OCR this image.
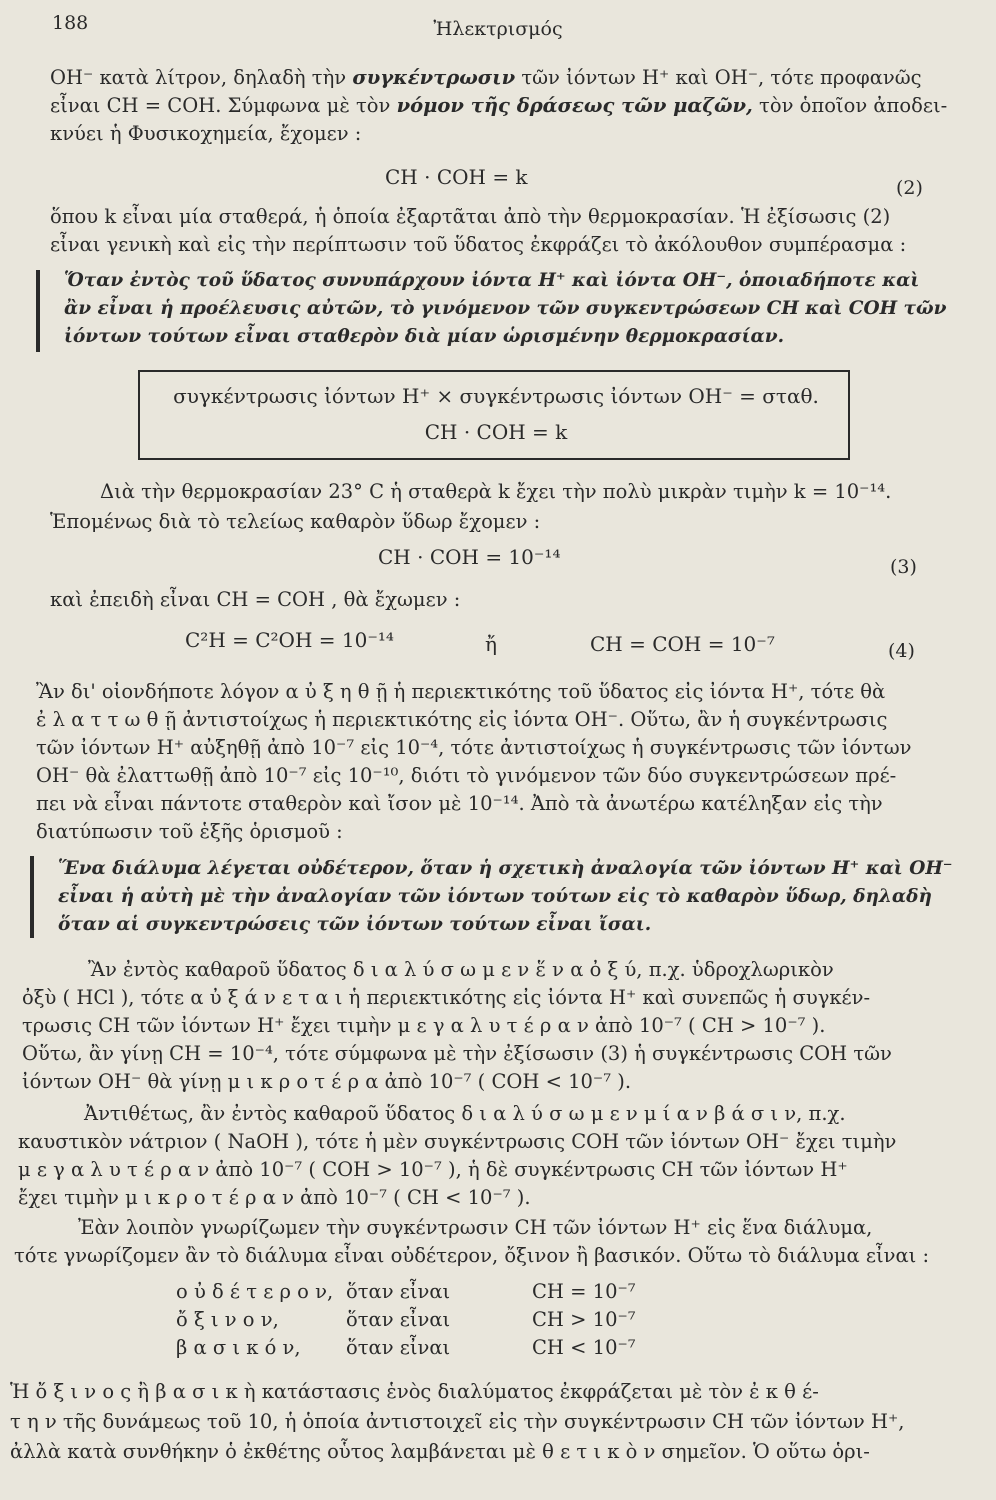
188	Ἠλεκτρισμός
OH⁻ κατὰ λίτρον, δηλαδὴ τὴν συγκέντρωσιν τῶν ἰόντων H⁺ καὶ OH⁻, τότε προφανῶς
εἶναι CH = COH. Σύμφωνα μὲ τὸν νόμον τῆς δράσεως τῶν μαζῶν, τὸν ὁποῖον ἀποδει-
κνύει ἡ Φυσικοχημεία, ἔχομεν :
CH · COH = k	(2)
ὅπου k εἶναι μία σταθερά, ἡ ὁποία ἐξαρτᾶται ἀπὸ τὴν θερμοκρασίαν. Ἡ ἐξίσωσις (2)
εἶναι γενικὴ καὶ εἰς τὴν περίπτωσιν τοῦ ὕδατος ἐκφράζει τὸ ἀκόλουθον συμπέρασμα :
Ὅταν ἐντὸς τοῦ ὕδατος συνυπάρχουν ἰόντα H⁺ καὶ ἰόντα OH⁻, ὁποιαδήποτε καὶ
ἂν εἶναι ἡ προέλευσις αὐτῶν, τὸ γινόμενον τῶν συγκεντρώσεων CH καὶ COH τῶν
ἰόντων τούτων εἶναι σταθερὸν διὰ μίαν ὡρισμένην θερμοκρασίαν.
συγκέντρωσις ἰόντων H⁺ × συγκέντρωσις ἰόντων OH⁻ = σταθ.
CH · COH = k
Διὰ τὴν θερμοκρασίαν 23° C ἡ σταθερὰ k ἔχει τὴν πολὺ μικρὰν τιμὴν k = 10⁻¹⁴.
Ἑπομένως διὰ τὸ τελείως καθαρὸν ὕδωρ ἔχομεν :
CH · COH = 10⁻¹⁴	(3)
καὶ ἐπειδὴ εἶναι CH = COH , θὰ ἔχωμεν :
C²H = C²OH = 10⁻¹⁴	ἤ	CH = COH = 10⁻⁷	(4)
Ἂν δι' οἱονδήποτε λόγον α ὐ ξ η θ ῇ ἡ περιεκτικότης τοῦ ὕδατος εἰς ἰόντα H⁺, τότε θὰ
ἐ λ α τ τ ω θ ῇ ἀντιστοίχως ἡ περιεκτικότης εἰς ἰόντα OH⁻. Οὕτω, ἂν ἡ συγκέντρωσις
τῶν ἰόντων H⁺ αὐξηθῇ ἀπὸ 10⁻⁷ εἰς 10⁻⁴, τότε ἀντιστοίχως ἡ συγκέντρωσις τῶν ἰόντων
OH⁻ θὰ ἐλαττωθῇ ἀπὸ 10⁻⁷ εἰς 10⁻¹⁰, διότι τὸ γινόμενον τῶν δύο συγκεντρώσεων πρέ-
πει νὰ εἶναι πάντοτε σταθερὸν καὶ ἴσον μὲ 10⁻¹⁴. Ἀπὸ τὰ ἀνωτέρω κατέληξαν εἰς τὴν
διατύπωσιν τοῦ ἑξῆς ὁρισμοῦ :
Ἕνα διάλυμα λέγεται οὐδέτερον, ὅταν ἡ σχετικὴ ἀναλογία τῶν ἰόντων H⁺ καὶ OH⁻
εἶναι ἡ αὐτὴ μὲ τὴν ἀναλογίαν τῶν ἰόντων τούτων εἰς τὸ καθαρὸν ὕδωρ, δηλαδὴ
ὅταν αἱ συγκεντρώσεις τῶν ἰόντων τούτων εἶναι ἴσαι.
Ἂν ἐντὸς καθαροῦ ὕδατος δ ι α λ ύ σ ω μ ε ν ἕ ν α ὀ ξ ύ, π.χ. ὑδροχλωρικὸν
ὀξὺ ( HCl ), τότε α ὐ ξ ά ν ε τ α ι ἡ περιεκτικότης εἰς ἰόντα H⁺ καὶ συνεπῶς ἡ συγκέν-
τρωσις CH τῶν ἰόντων H⁺ ἔχει τιμὴν μ ε γ α λ υ τ έ ρ α ν ἀπὸ 10⁻⁷ ( CH > 10⁻⁷ ).
Οὕτω, ἂν γίνῃ CH = 10⁻⁴, τότε σύμφωνα μὲ τὴν ἐξίσωσιν (3) ἡ συγκέντρωσις COH τῶν
ἰόντων OH⁻ θὰ γίνῃ μ ι κ ρ ο τ έ ρ α ἀπὸ 10⁻⁷ ( COH < 10⁻⁷ ).
Ἀντιθέτως, ἂν ἐντὸς καθαροῦ ὕδατος δ ι α λ ύ σ ω μ ε ν μ ί α ν β ά σ ι ν, π.χ.
καυστικὸν νάτριον ( NaOH ), τότε ἡ μὲν συγκέντρωσις COH τῶν ἰόντων OH⁻ ἔχει τιμὴν
μ ε γ α λ υ τ έ ρ α ν ἀπὸ 10⁻⁷ ( COH > 10⁻⁷ ), ἡ δὲ συγκέντρωσις CH τῶν ἰόντων H⁺
ἔχει τιμὴν μ ι κ ρ ο τ έ ρ α ν ἀπὸ 10⁻⁷ ( CH < 10⁻⁷ ).
Ἐὰν λοιπὸν γνωρίζωμεν τὴν συγκέντρωσιν CH τῶν ἰόντων H⁺ εἰς ἕνα διάλυμα,
τότε γνωρίζομεν ἂν τὸ διάλυμα εἶναι οὐδέτερον, ὄξινον ἢ βασικόν. Οὕτω τὸ διάλυμα εἶναι :
ο ὐ δ έ τ ε ρ ο ν, ὅταν εἶναι	CH = 10⁻⁷
ὄ ξ ι ν ο ν,	ὅταν εἶναι	CH > 10⁻⁷
β α σ ι κ ό ν, ὅταν εἶναι	CH < 10⁻⁷
Ἡ ὄ ξ ι ν ο ς ἢ β α σ ι κ ὴ κατάστασις ἑνὸς διαλύματος ἐκφράζεται μὲ τὸν ἐ κ θ έ-
τ η ν τῆς δυνάμεως τοῦ 10, ἡ ὁποία ἀντιστοιχεῖ εἰς τὴν συγκέντρωσιν CH τῶν ἰόντων H⁺,
ἀλλὰ κατὰ συνθήκην ὁ ἐκθέτης οὗτος λαμβάνεται μὲ θ ε τ ι κ ὸ ν σημεῖον. Ὁ οὕτω ὁρι-
